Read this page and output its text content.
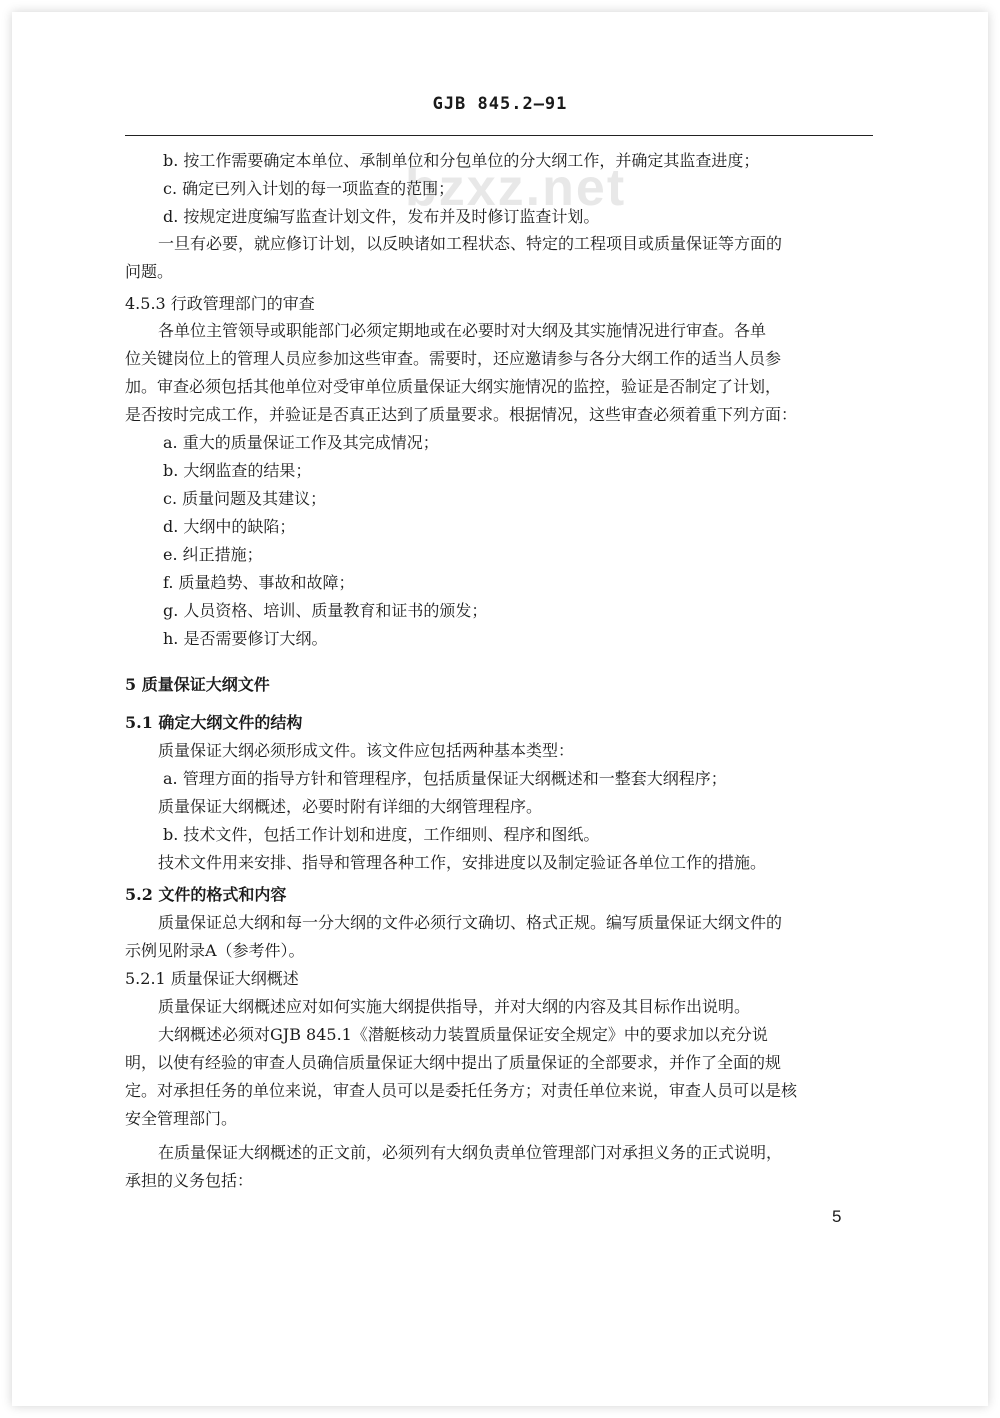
bzxz.net
GJB 845.2—91
b. 按工作需要确定本单位、承制单位和分包单位的分大纲工作，并确定其监查进度；
c. 确定已列入计划的每一项监查的范围；
d. 按规定进度编写监查计划文件，发布并及时修订监查计划。
一旦有必要，就应修订计划，以反映诸如工程状态、特定的工程项目或质量保证等方面的
问题。
4.5.3 行政管理部门的审查
各单位主管领导或职能部门必须定期地或在必要时对大纲及其实施情况进行审查。各单
位关键岗位上的管理人员应参加这些审查。需要时，还应邀请参与各分大纲工作的适当人员参
加。审查必须包括其他单位对受审单位质量保证大纲实施情况的监控，验证是否制定了计划，
是否按时完成工作，并验证是否真正达到了质量要求。根据情况，这些审查必须着重下列方面：
a. 重大的质量保证工作及其完成情况；
b. 大纲监查的结果；
c. 质量问题及其建议；
d. 大纲中的缺陷；
e. 纠正措施；
f. 质量趋势、事故和故障；
g. 人员资格、培训、质量教育和证书的颁发；
h. 是否需要修订大纲。
5 质量保证大纲文件
5.1 确定大纲文件的结构
质量保证大纲必须形成文件。该文件应包括两种基本类型：
a. 管理方面的指导方针和管理程序，包括质量保证大纲概述和一整套大纲程序；
质量保证大纲概述，必要时附有详细的大纲管理程序。
b. 技术文件，包括工作计划和进度，工作细则、程序和图纸。
技术文件用来安排、指导和管理各种工作，安排进度以及制定验证各单位工作的措施。
5.2 文件的格式和内容
质量保证总大纲和每一分大纲的文件必须行文确切、格式正规。编写质量保证大纲文件的
示例见附录A（参考件）。
5.2.1 质量保证大纲概述
质量保证大纲概述应对如何实施大纲提供指导，并对大纲的内容及其目标作出说明。
大纲概述必须对GJB 845.1《潜艇核动力装置质量保证安全规定》中的要求加以充分说
明，以使有经验的审查人员确信质量保证大纲中提出了质量保证的全部要求，并作了全面的规
定。对承担任务的单位来说，审查人员可以是委托任务方；对责任单位来说，审查人员可以是核
安全管理部门。
在质量保证大纲概述的正文前，必须列有大纲负责单位管理部门对承担义务的正式说明，
承担的义务包括：
5
